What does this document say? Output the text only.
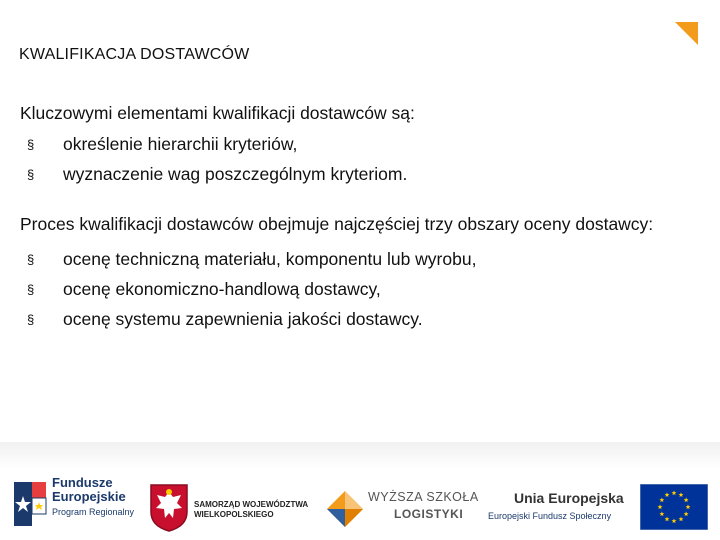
KWALIFIKACJA DOSTAWCÓW

Kluczowymi elementami kwalifikacji dostawców są:

§ określenie hierarchii kryteriów,
§ wyznaczenie wag poszczególnym kryteriom.

Proces kwalifikacji dostawców obejmuje najczęściej trzy obszary oceny dostawcy:

§ ocenę techniczną materiału, komponentu lub wyrobu,
§ ocenę ekonomiczno-handlową dostawcy,
§ ocenę systemu zapewnienia jakości dostawcy.
Fundusze
Europejskie
Program Regionalny
SAMORZĄD WOJEWÓDZTWA
WIELKOPOLSKIEGO
WYŻSZA SZKOŁA
LOGISTYKI
Unia Europejska
Europejski Fundusz Społeczny
